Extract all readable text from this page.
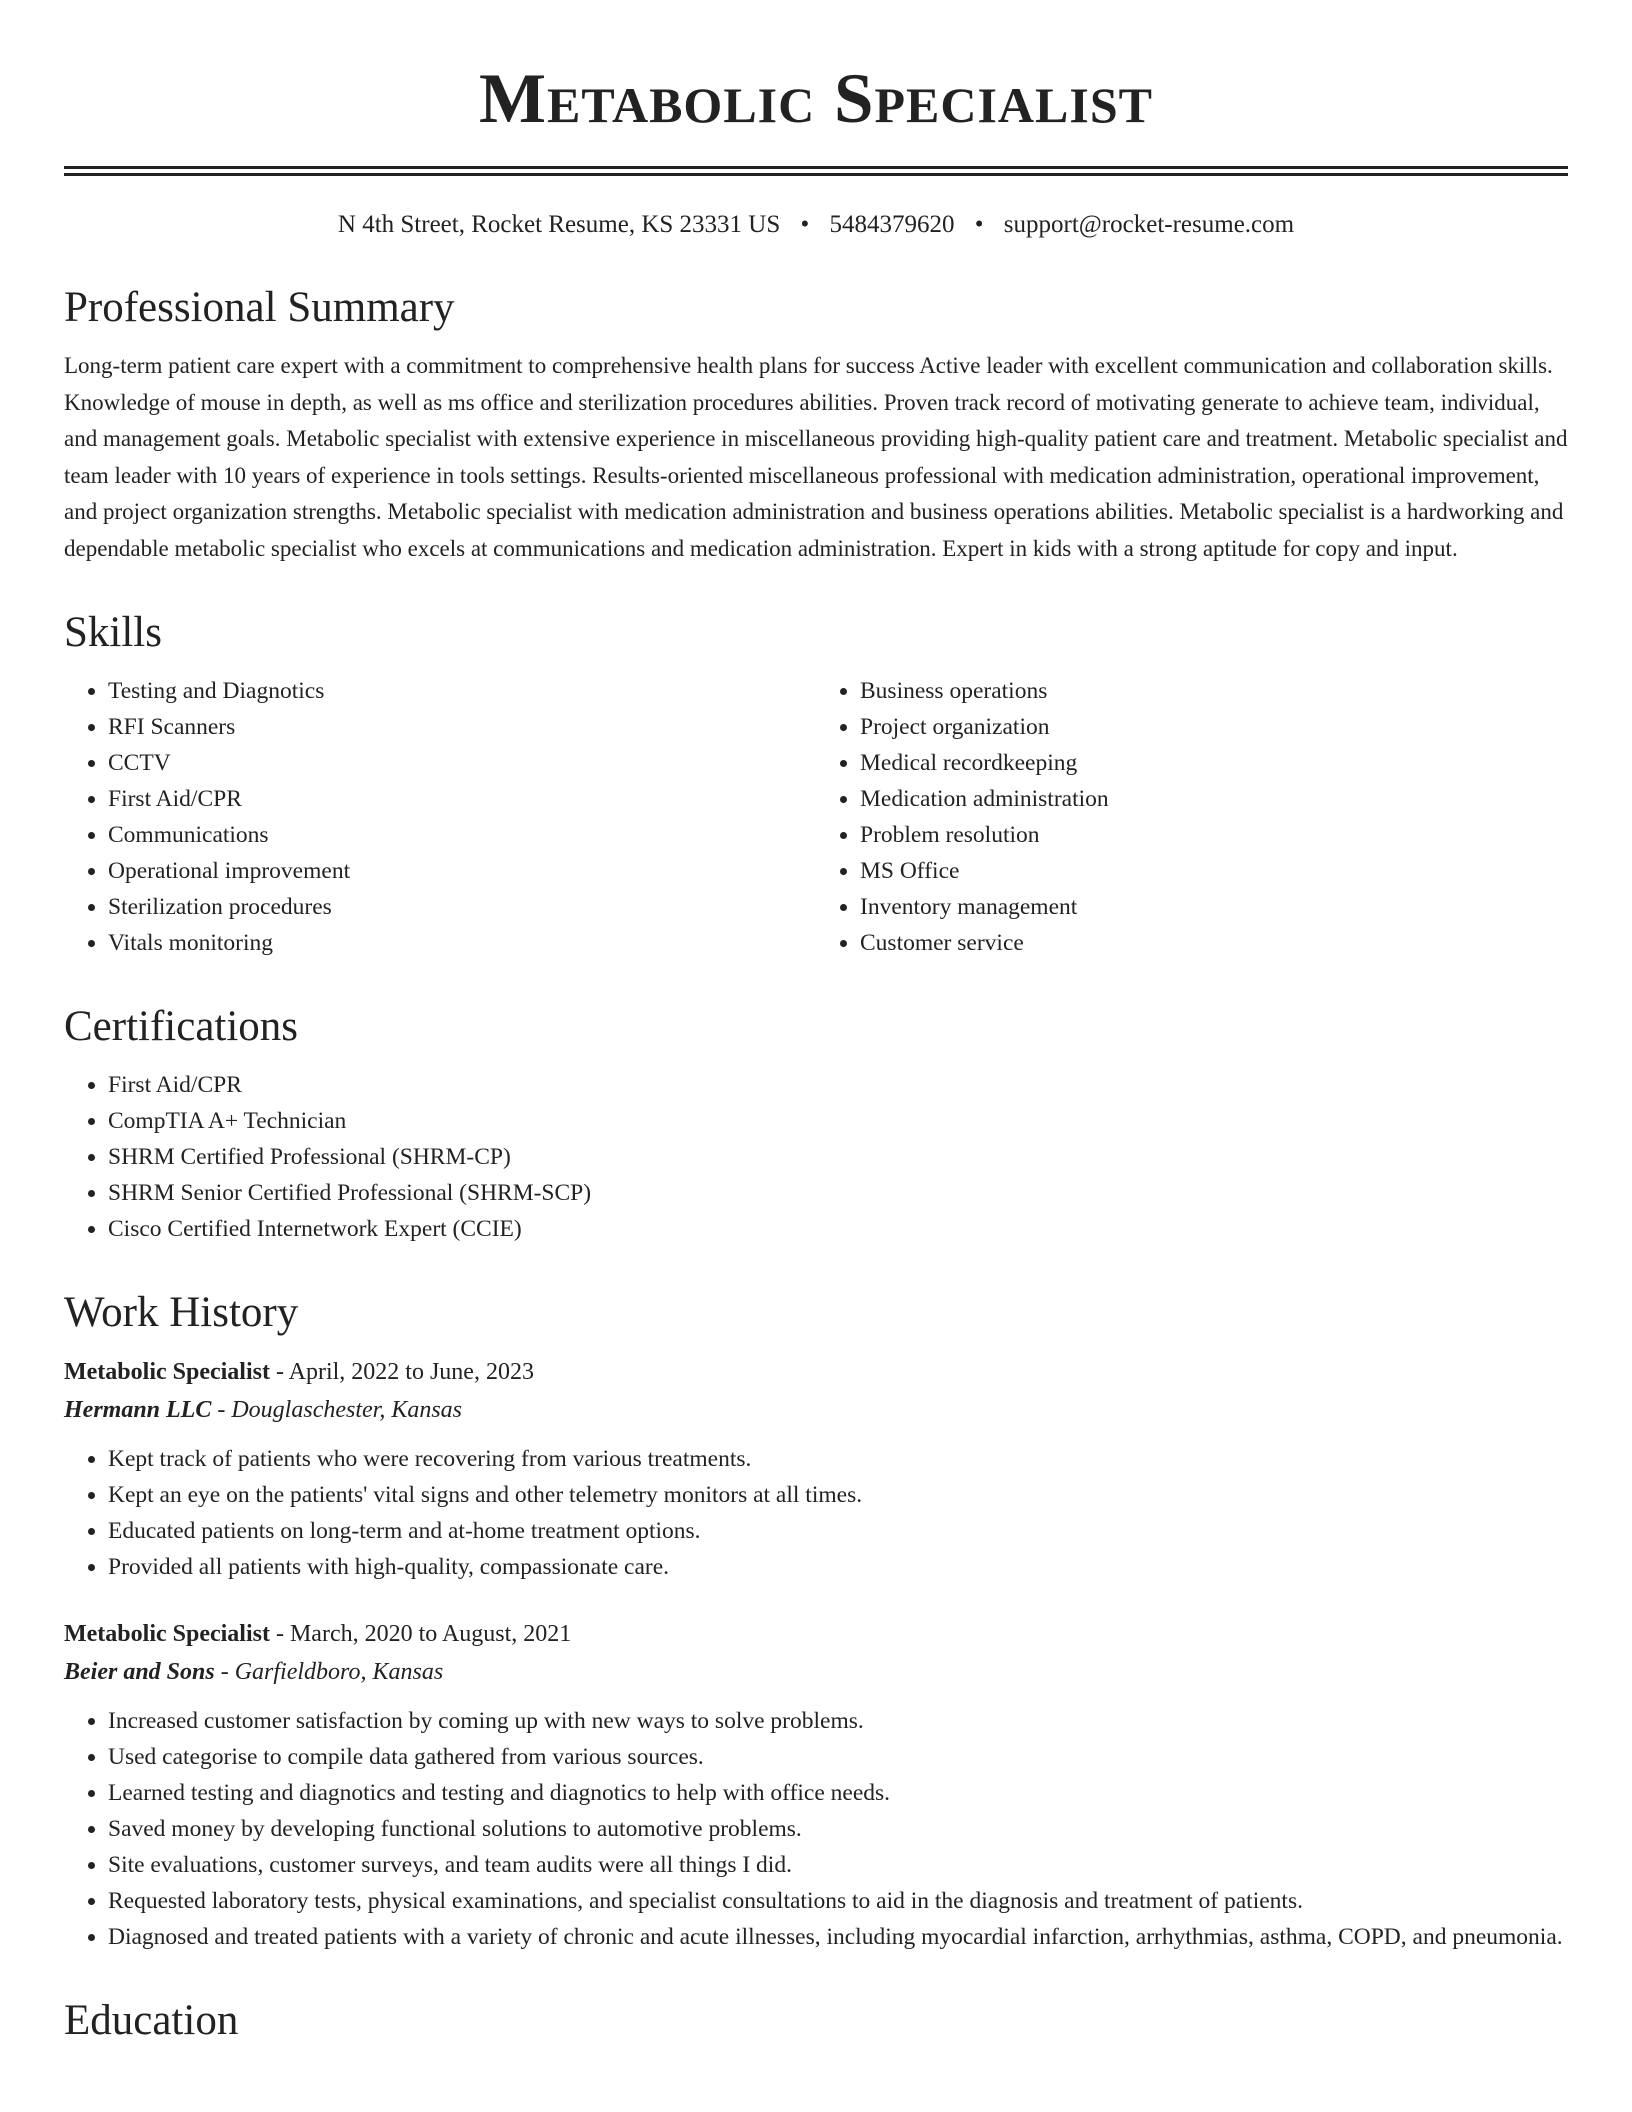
Metabolic Specialist
N 4th Street, Rocket Resume, KS 23331 US • 5484379620 • support@rocket-resume.com
Professional Summary

Long-term patient care expert with a commitment to comprehensive health plans for success Active leader with excellent communication and collaboration skills. Knowledge of mouse in depth, as well as ms office and sterilization procedures abilities. Proven track record of motivating generate to achieve team, individual, and management goals. Metabolic specialist with extensive experience in miscellaneous providing high-quality patient care and treatment. Metabolic specialist and team leader with 10 years of experience in tools settings. Results-oriented miscellaneous professional with medication administration, operational improvement, and project organization strengths. Metabolic specialist with medication administration and business operations abilities. Metabolic specialist is a hardworking and dependable metabolic specialist who excels at communications and medication administration. Expert in kids with a strong aptitude for copy and input.

Skills
• Testing and Diagnotics
• RFI Scanners
• CCTV
• First Aid/CPR
• Communications
• Operational improvement
• Sterilization procedures
• Vitals monitoring
• Business operations
• Project organization
• Medical recordkeeping
• Medication administration
• Problem resolution
• MS Office
• Inventory management
• Customer service
Certifications
• First Aid/CPR
• CompTIA A+ Technician
• SHRM Certified Professional (SHRM-CP)
• SHRM Senior Certified Professional (SHRM-SCP)
• Cisco Certified Internetwork Expert (CCIE)
Work History

Metabolic Specialist - April, 2022 to June, 2023

Hermann LLC - Douglaschester, Kansas

• Kept track of patients who were recovering from various treatments.
• Kept an eye on the patients' vital signs and other telemetry monitors at all times.
• Educated patients on long-term and at-home treatment options.
• Provided all patients with high-quality, compassionate care.

Metabolic Specialist - March, 2020 to August, 2021

Beier and Sons - Garfieldboro, Kansas

• Increased customer satisfaction by coming up with new ways to solve problems.
• Used categorise to compile data gathered from various sources.
• Learned testing and diagnotics and testing and diagnotics to help with office needs.
• Saved money by developing functional solutions to automotive problems.
• Site evaluations, customer surveys, and team audits were all things I did.
• Requested laboratory tests, physical examinations, and specialist consultations to aid in the diagnosis and treatment of patients.
• Diagnosed and treated patients with a variety of chronic and acute illnesses, including myocardial infarction, arrhythmias, asthma, COPD, and pneumonia.
Education
